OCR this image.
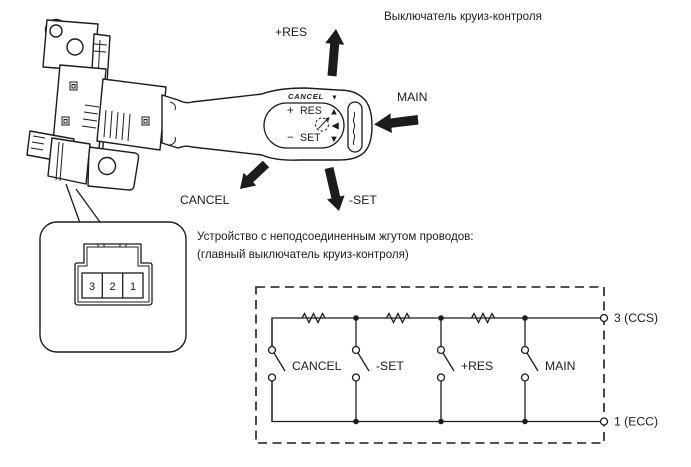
CANCEL ▼
+ RES ▲
◀
− SET ▼
Выключатель круиз-контроля
+RES
MAIN
CANCEL	-SET
3 2 1
Устройство с неподсоединенным жгутом проводов:
(главный выключатель круиз-контроля)
CANCEL	-SET	+RES	MAIN
3 (CCS)
1 (ECC)
